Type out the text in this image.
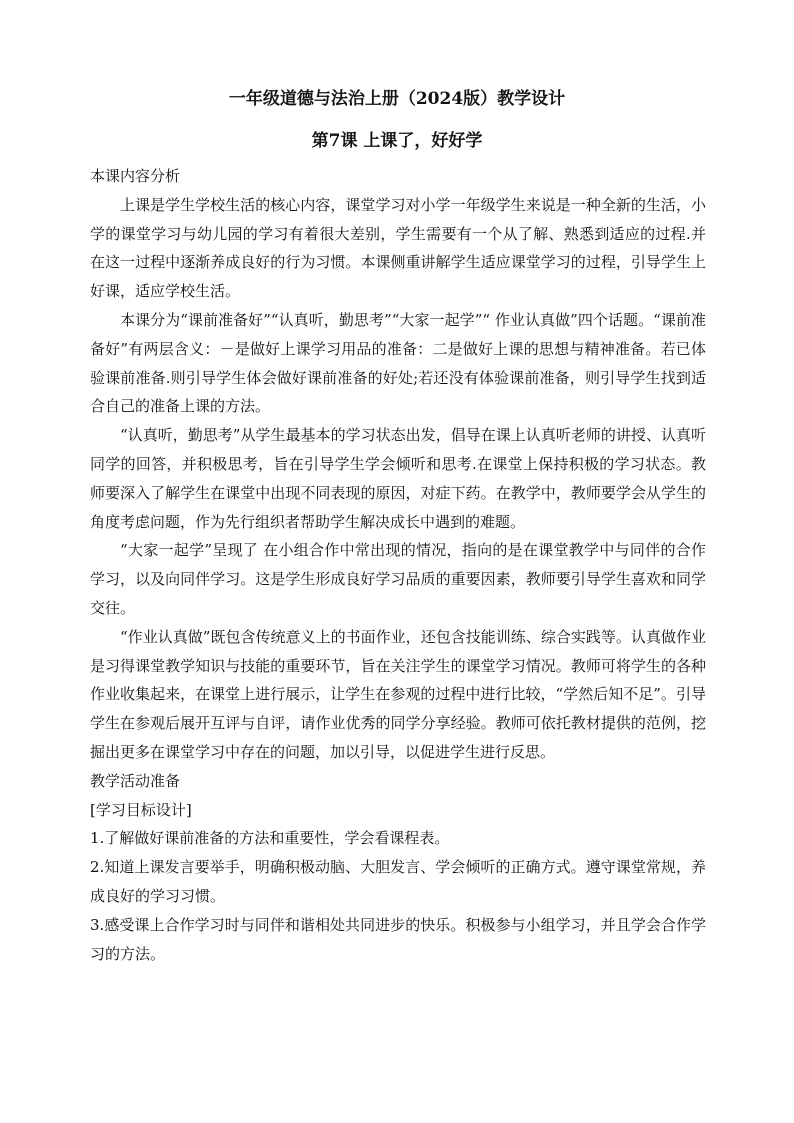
一年级道德与法治上册（2024版）教学设计
第7课 上课了，好好学

本课内容分析

上课是学生学校生活的核心内容，课堂学习对小学一年级学生来说是一种全新的生活，小学的课堂学习与幼儿园的学习有着很大差别，学生需要有一个从了解、熟悉到适应的过程.并在这一过程中逐渐养成良好的行为习惯。本课侧重讲解学生适应课堂学习的过程，引导学生上好课，适应学校生活。

本课分为“课前准备好”“认真听，勤思考”“大家一起学”“ 作业认真做”四个话题。“课前准备好”有两层含义：－是做好上课学习用品的准备：二是做好上课的思想与精神准备。若已体验课前准备.则引导学生体会做好课前准备的好处;若还没有体验课前准备，则引导学生找到适合自己的准备上课的方法。

“认真听，勤思考”从学生最基本的学习状态出发，倡导在课上认真听老师的讲授、认真听同学的回答，并积极思考，旨在引导学生学会倾听和思考.在课堂上保持积极的学习状态。教师要深入了解学生在课堂中出现不同表现的原因，对症下药。在教学中，教师要学会从学生的角度考虑问题，作为先行组织者帮助学生解决成长中遇到的难题。

“大家一起学”呈现了 在小组合作中常出现的情况，指向的是在课堂教学中与同伴的合作学习，以及向同伴学习。这是学生形成良好学习品质的重要因素，教师要引导学生喜欢和同学交往。

“作业认真做”既包含传统意义上的书面作业，还包含技能训练、综合实践等。认真做作业是习得课堂教学知识与技能的重要环节，旨在关注学生的课堂学习情况。教师可将学生的各种作业收集起来，在课堂上进行展示，让学生在参观的过程中进行比较，“学然后知不足”。引导学生在参观后展开互评与自评，请作业优秀的同学分享经验。教师可依托教材提供的范例，挖掘出更多在课堂学习中存在的问题，加以引导，以促进学生进行反思。

教学活动准备

[学习目标设计]

1.了解做好课前准备的方法和重要性，学会看课程表。

2.知道上课发言要举手，明确积极动脑、大胆发言、学会倾听的正确方式。遵守课堂常规，养成良好的学习习惯。

3.感受课上合作学习时与同伴和谐相处共同进步的快乐。积极参与小组学习，并且学会合作学习的方法。
